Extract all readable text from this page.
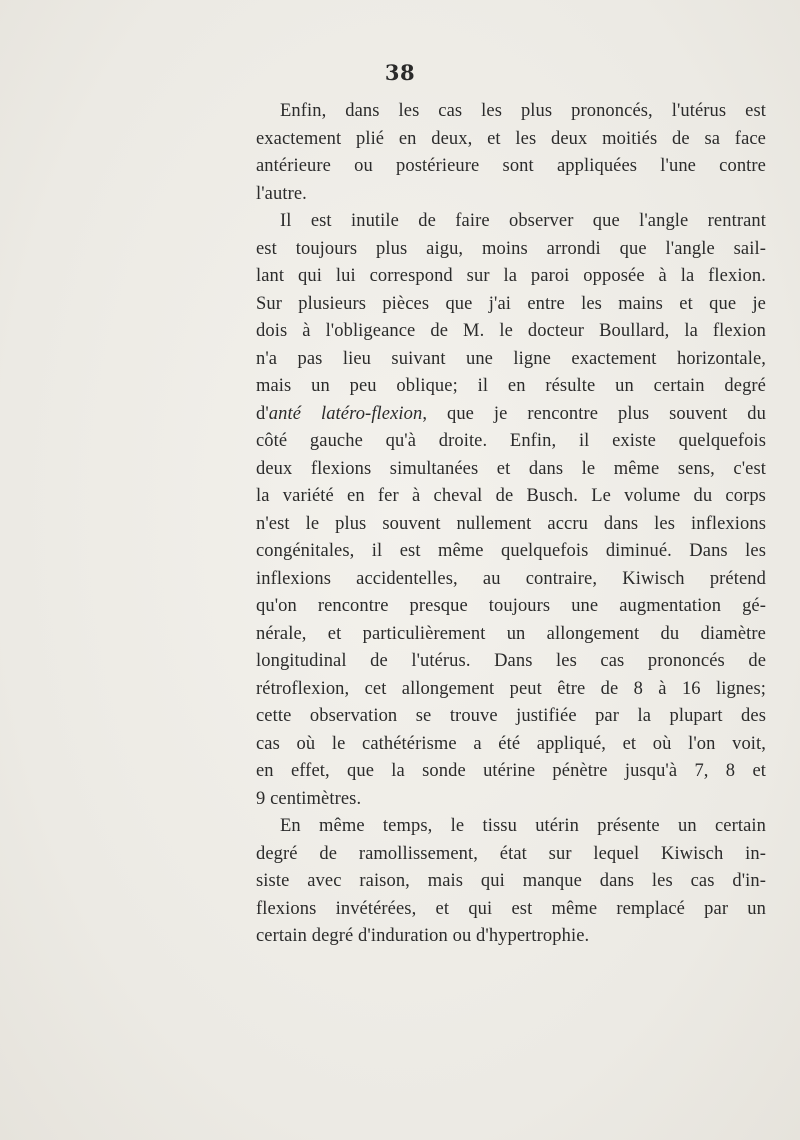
38
Enfin, dans les cas les plus prononcés, l'utérus est
exactement plié en deux, et les deux moitiés de sa face
antérieure ou postérieure sont appliquées l'une contre
l'autre.
Il est inutile de faire observer que l'angle rentrant
est toujours plus aigu, moins arrondi que l'angle sail-
lant qui lui correspond sur la paroi opposée à la flexion.
Sur plusieurs pièces que j'ai entre les mains et que je
dois à l'obligeance de M. le docteur Boullard, la flexion
n'a pas lieu suivant une ligne exactement horizontale,
mais un peu oblique; il en résulte un certain degré
d'anté latéro-flexion, que je rencontre plus souvent du
côté gauche qu'à droite. Enfin, il existe quelquefois
deux flexions simultanées et dans le même sens, c'est
la variété en fer à cheval de Busch. Le volume du corps
n'est le plus souvent nullement accru dans les inflexions
congénitales, il est même quelquefois diminué. Dans les
inflexions accidentelles, au contraire, Kiwisch prétend
qu'on rencontre presque toujours une augmentation gé-
nérale, et particulièrement un allongement du diamètre
longitudinal de l'utérus. Dans les cas prononcés de
rétroflexion, cet allongement peut être de 8 à 16 lignes;
cette observation se trouve justifiée par la plupart des
cas où le cathétérisme a été appliqué, et où l'on voit,
en effet, que la sonde utérine pénètre jusqu'à 7, 8 et
9 centimètres.
En même temps, le tissu utérin présente un certain
degré de ramollissement, état sur lequel Kiwisch in-
siste avec raison, mais qui manque dans les cas d'in-
flexions invétérées, et qui est même remplacé par un
certain degré d'induration ou d'hypertrophie.
